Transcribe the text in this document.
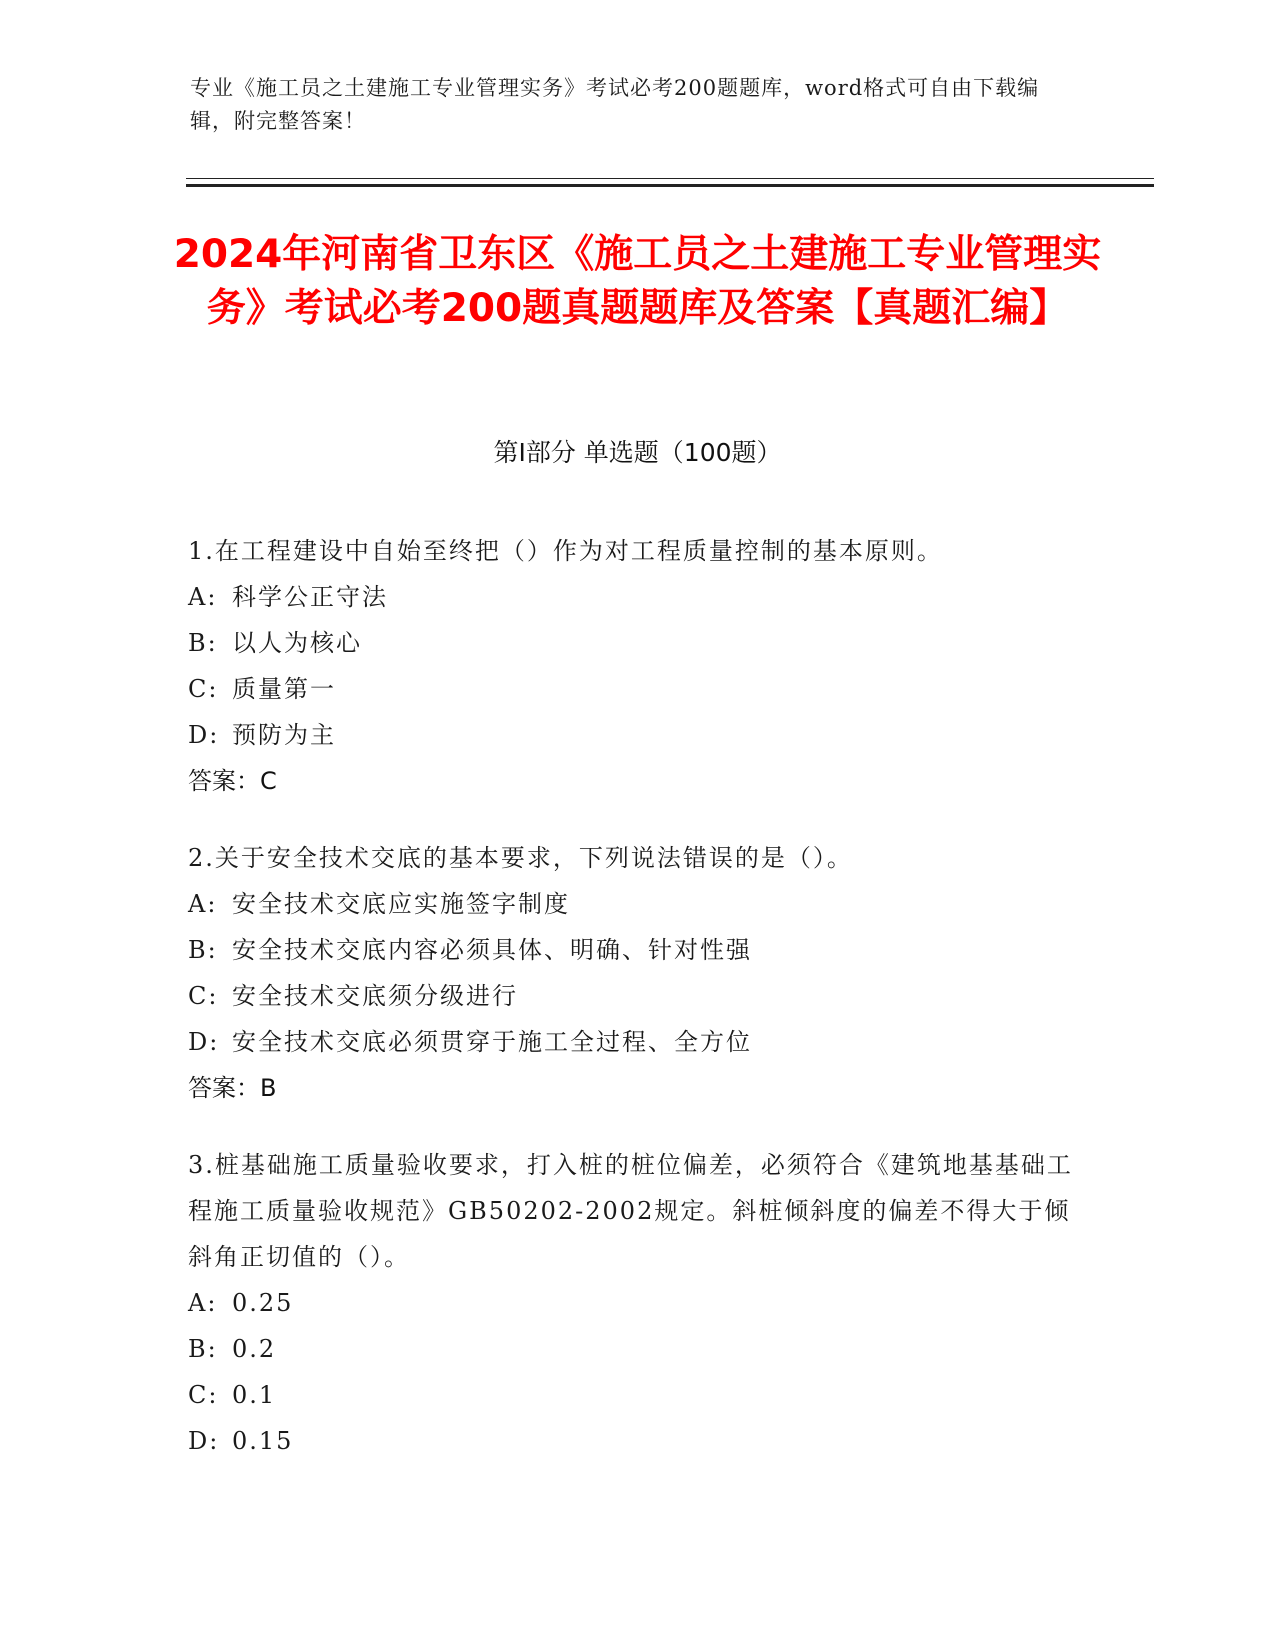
专业《施工员之土建施工专业管理实务》考试必考200题题库，word格式可自由下载编辑，附完整答案！
2024年河南省卫东区《施工员之土建施工专业管理实务》考试必考200题真题题库及答案【真题汇编】
第I部分 单选题（100题）
1.在工程建设中自始至终把（）作为对工程质量控制的基本原则。
A: 科学公正守法
B: 以人为核心
C: 质量第一
D: 预防为主
答案：C
2.关于安全技术交底的基本要求，下列说法错误的是（）。
A: 安全技术交底应实施签字制度
B: 安全技术交底内容必须具体、明确、针对性强
C: 安全技术交底须分级进行
D: 安全技术交底必须贯穿于施工全过程、全方位
答案：B
3.桩基础施工质量验收要求，打入桩的桩位偏差，必须符合《建筑地基基础工程施工质量验收规范》GB50202-2002规定。斜桩倾斜度的偏差不得大于倾斜角正切值的（）。
A: 0.25
B: 0.2
C: 0.1
D: 0.15
